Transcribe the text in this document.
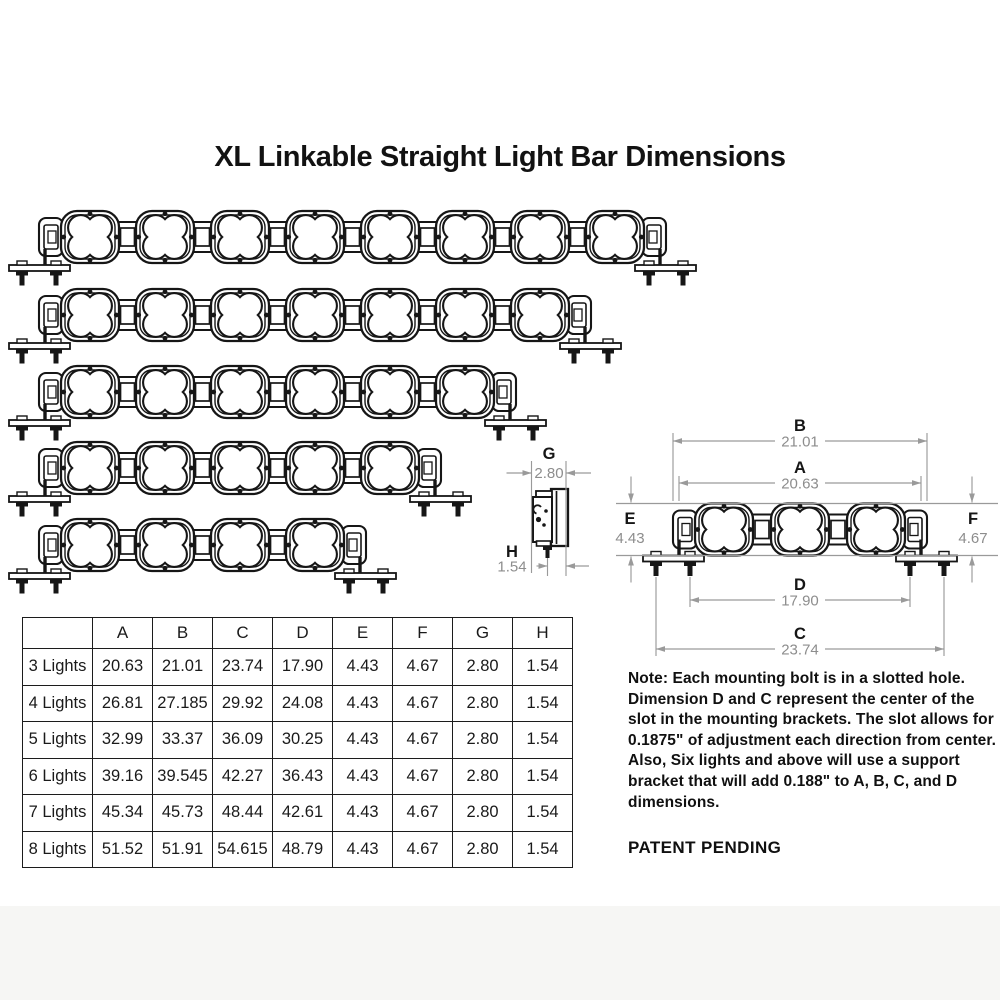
G
2.80
H
1.54
B
21.01
A
20.63
E
4.43
F
4.67
D
17.90
C
23.74
XL Linkable Straight Light Bar Dimensions
	A	B	C	D	E	F	G	H
3 Lights	20.63	21.01	23.74	17.90	4.43	4.67	2.80	1.54
4 Lights	26.81	27.185	29.92	24.08	4.43	4.67	2.80	1.54
5 Lights	32.99	33.37	36.09	30.25	4.43	4.67	2.80	1.54
6 Lights	39.16	39.545	42.27	36.43	4.43	4.67	2.80	1.54
7 Lights	45.34	45.73	48.44	42.61	4.43	4.67	2.80	1.54
8 Lights	51.52	51.91	54.615	48.79	4.43	4.67	2.80	1.54
Note: Each mounting bolt is in a slotted hole. Dimension D and C represent the center of the slot in the mounting brackets. The slot allows for 0.1875" of adjustment each direction from center. Also, Six lights and above will use a support bracket that will add 0.188" to A, B, C, and D dimensions.
PATENT PENDING
